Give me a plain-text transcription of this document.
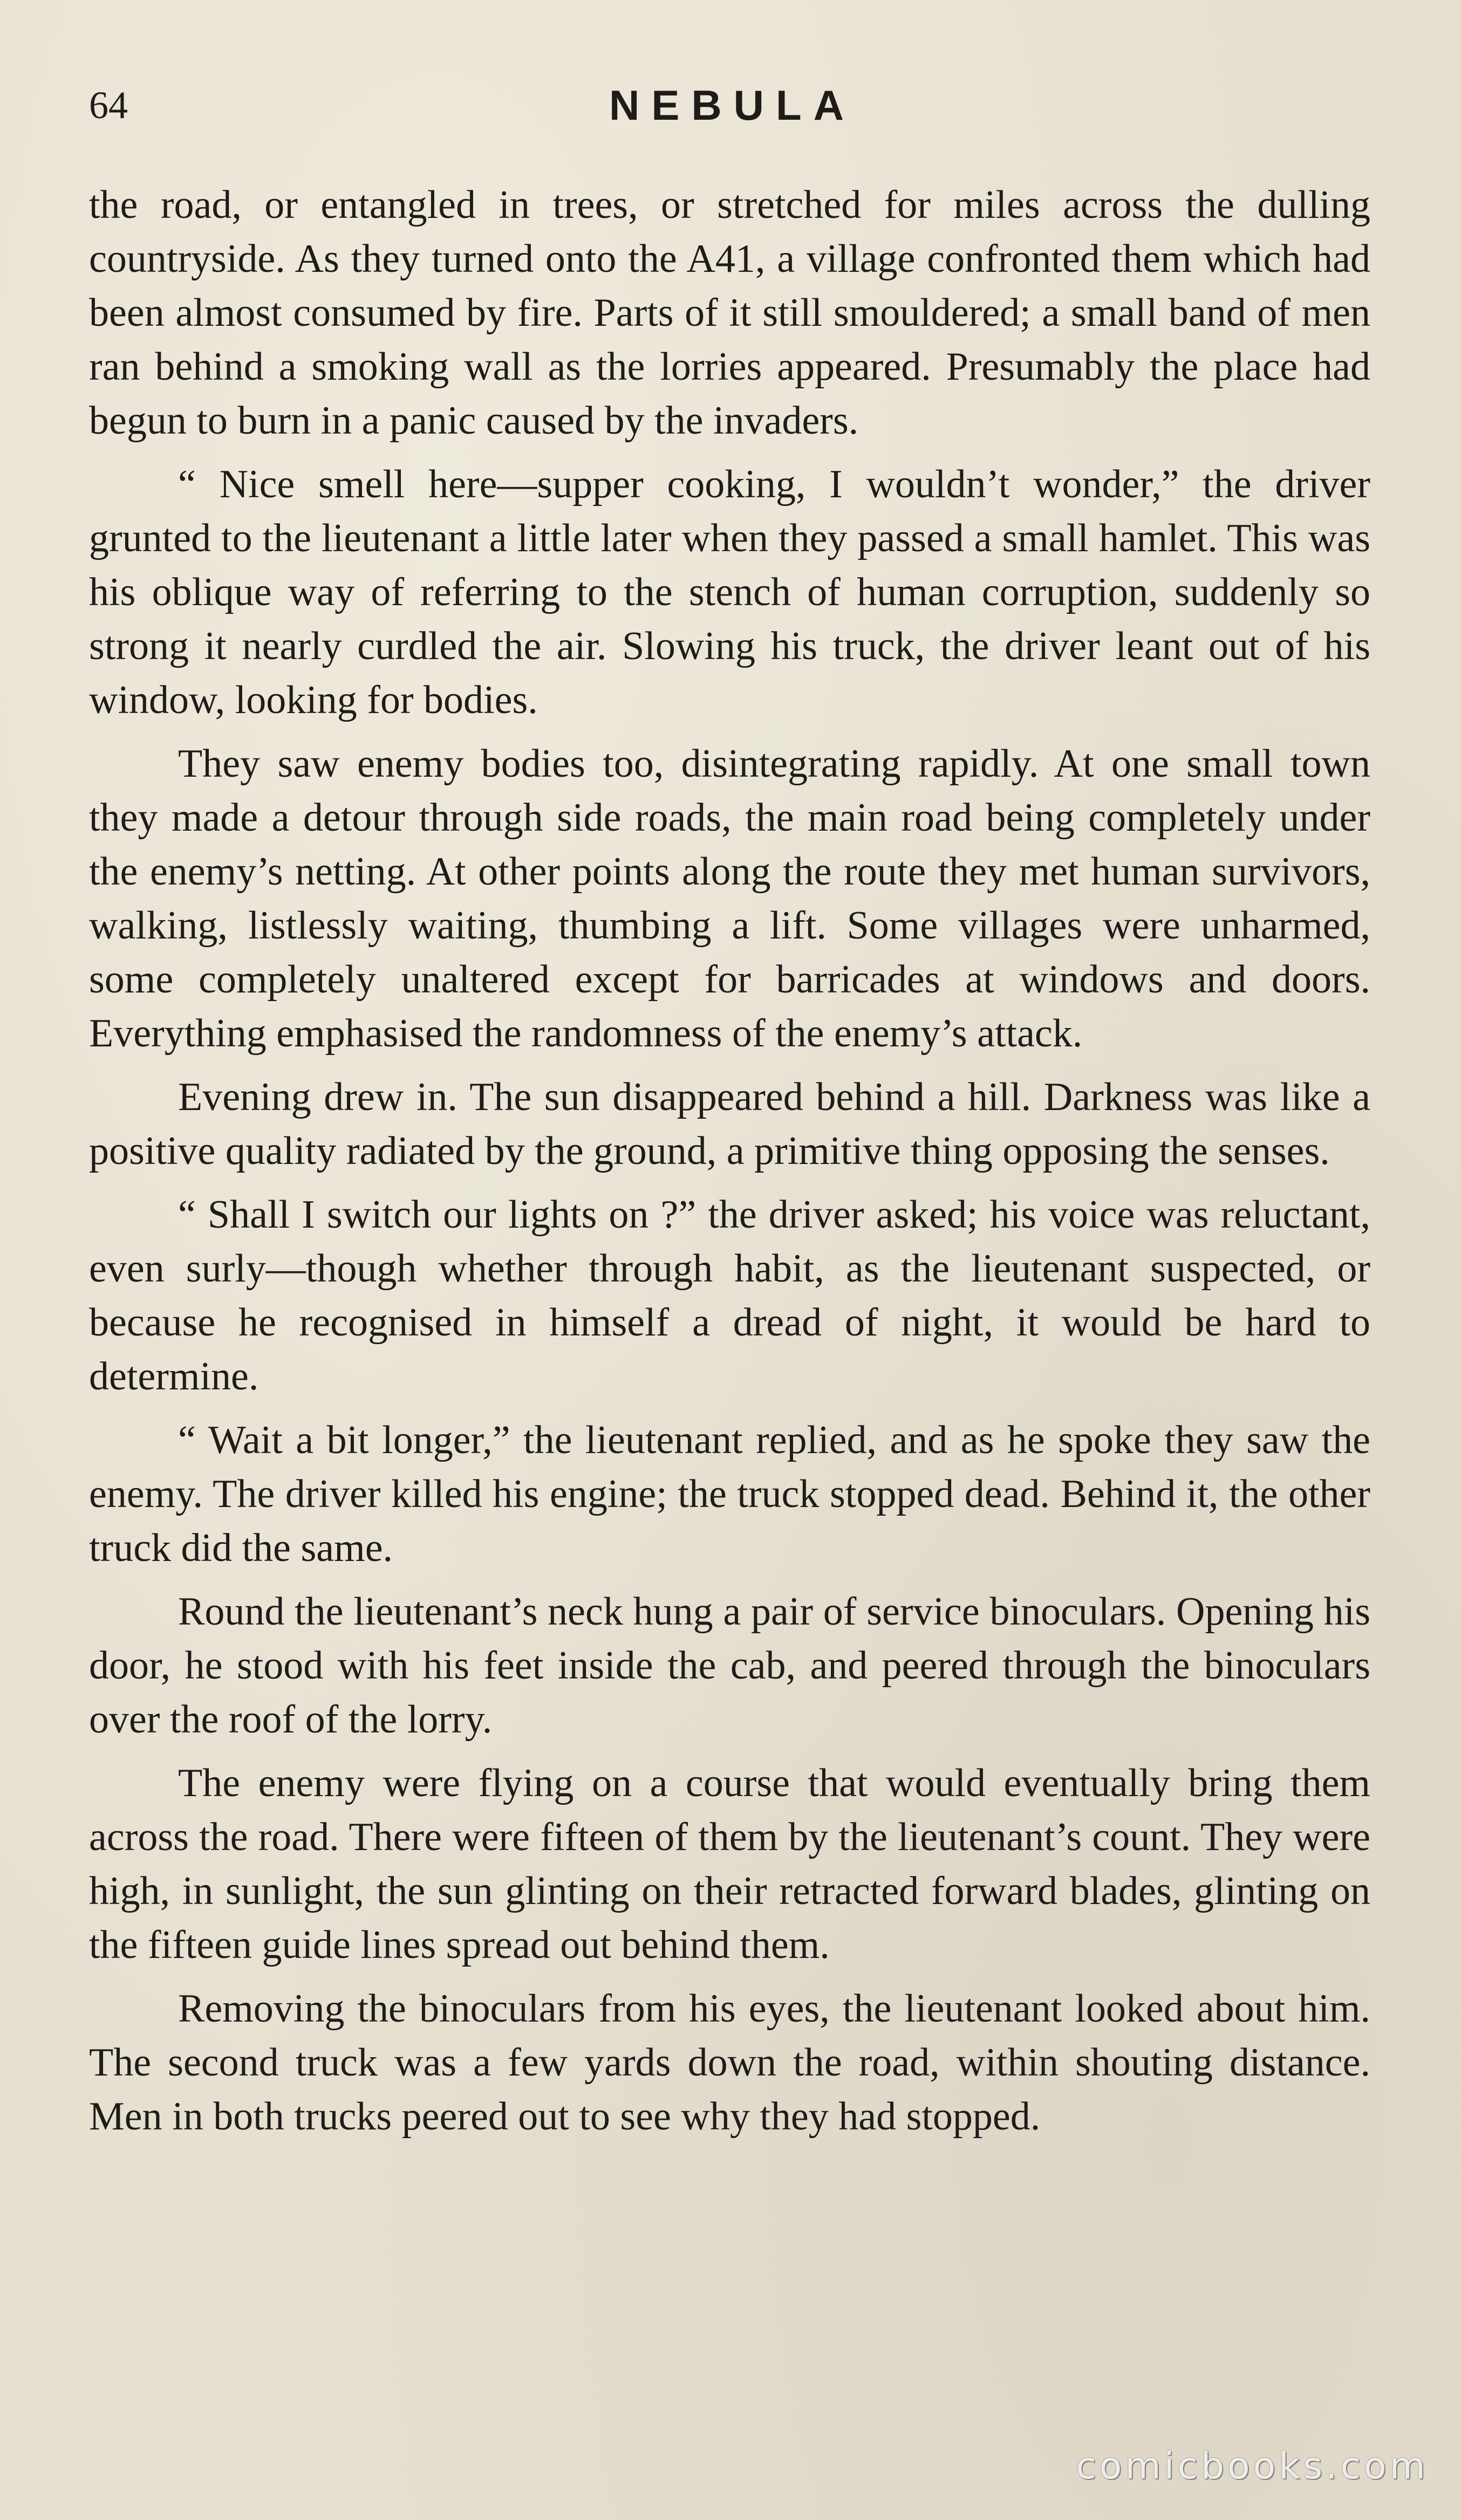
64	NEBULA

the road, or entangled in trees, or stretched for miles across the dulling countryside. As they turned onto the A41, a village confronted them which had been almost consumed by fire. Parts of it still smouldered; a small band of men ran behind a smoking wall as the lorries appeared. Presumably the place had begun to burn in a panic caused by the invaders.

“ Nice smell here—supper cooking, I wouldn’t wonder,” the driver grunted to the lieutenant a little later when they passed a small hamlet. This was his oblique way of referring to the stench of human corruption, suddenly so strong it nearly curdled the air. Slowing his truck, the driver leant out of his window, looking for bodies.

They saw enemy bodies too, disintegrating rapidly. At one small town they made a detour through side roads, the main road being completely under the enemy’s netting. At other points along the route they met human survivors, walking, listlessly waiting, thumbing a lift. Some villages were unharmed, some completely unaltered except for barricades at windows and doors. Everything emphasised the randomness of the enemy’s attack.

Evening drew in. The sun disappeared behind a hill. Darkness was like a positive quality radiated by the ground, a primitive thing opposing the senses.

“ Shall I switch our lights on ?” the driver asked; his voice was reluctant, even surly—though whether through habit, as the lieutenant suspected, or because he recognised in himself a dread of night, it would be hard to determine.

“ Wait a bit longer,” the lieutenant replied, and as he spoke they saw the enemy. The driver killed his engine; the truck stopped dead. Behind it, the other truck did the same.

Round the lieutenant’s neck hung a pair of service binoculars. Opening his door, he stood with his feet inside the cab, and peered through the binoculars over the roof of the lorry.

The enemy were flying on a course that would eventually bring them across the road. There were fifteen of them by the lieutenant’s count. They were high, in sunlight, the sun glinting on their retracted forward blades, glinting on the fifteen guide lines spread out behind them.

Removing the binoculars from his eyes, the lieutenant looked about him. The second truck was a few yards down the road, within shouting distance. Men in both trucks peered out to see why they had stopped.

comicbooks.com
